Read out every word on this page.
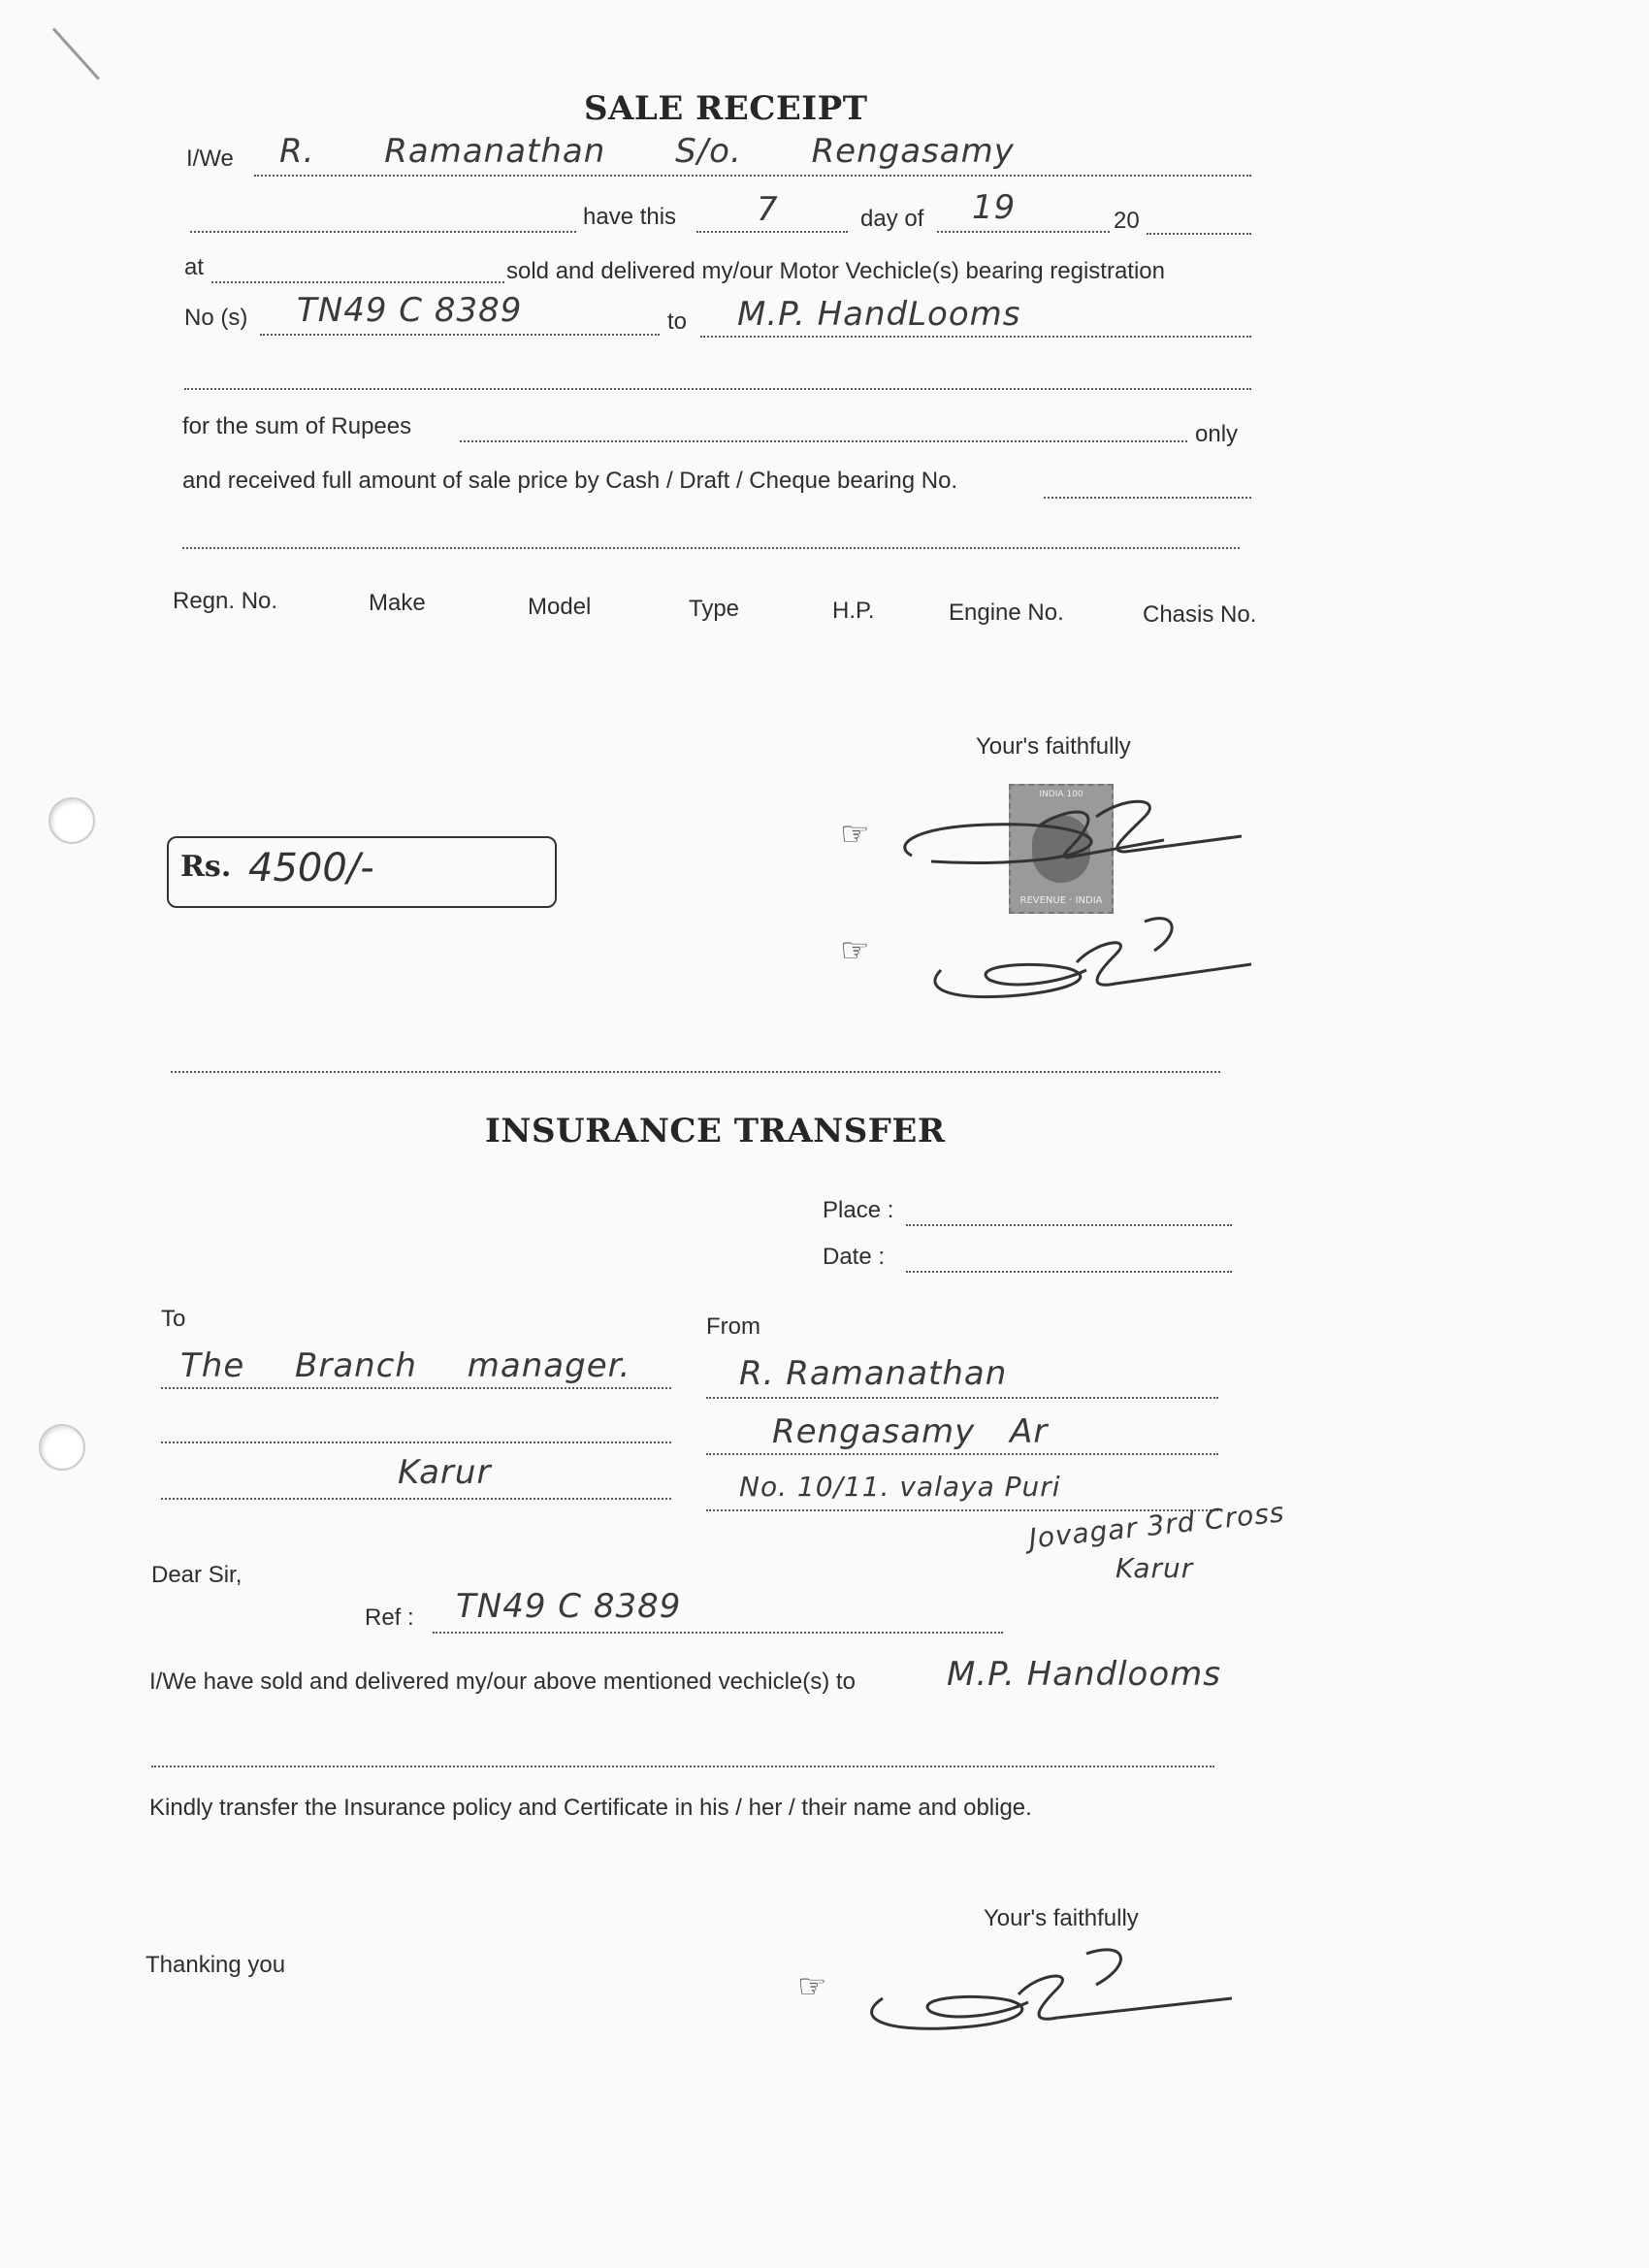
SALE RECEIPT
I/We R. Ramanathan S/o. Rengasamy
have this 7	day of 19	20
at	sold and delivered my/our Motor Vechicle(s) bearing registration
No (s) TN49 C 8389	to M.P. HandLooms
for the sum of Rupees	only
and received full amount of sale price by Cash / Draft / Cheque bearing No.
Regn. No.	Make	Model	Type	H.P.	Engine No.	Chasis No.
Your's faithfully
INDIA 100
REVENUE · INDIA
☞
☞
Rs. 4500/-
INSURANCE TRANSFER
Place :
Date :
To	From
The Branch manager.
Karur
R. Ramanathan
Rengasamy Ar
No. 10/11. valaya Puri
Jovagar 3rd Cross
Karur
Dear Sir,
Ref : TN49 C 8389
I/We have sold and delivered my/our above mentioned vechicle(s) to	M.P. Handlooms
Kindly transfer the Insurance policy and Certificate in his / her / their name and oblige.
Your's faithfully
Thanking you
☞
